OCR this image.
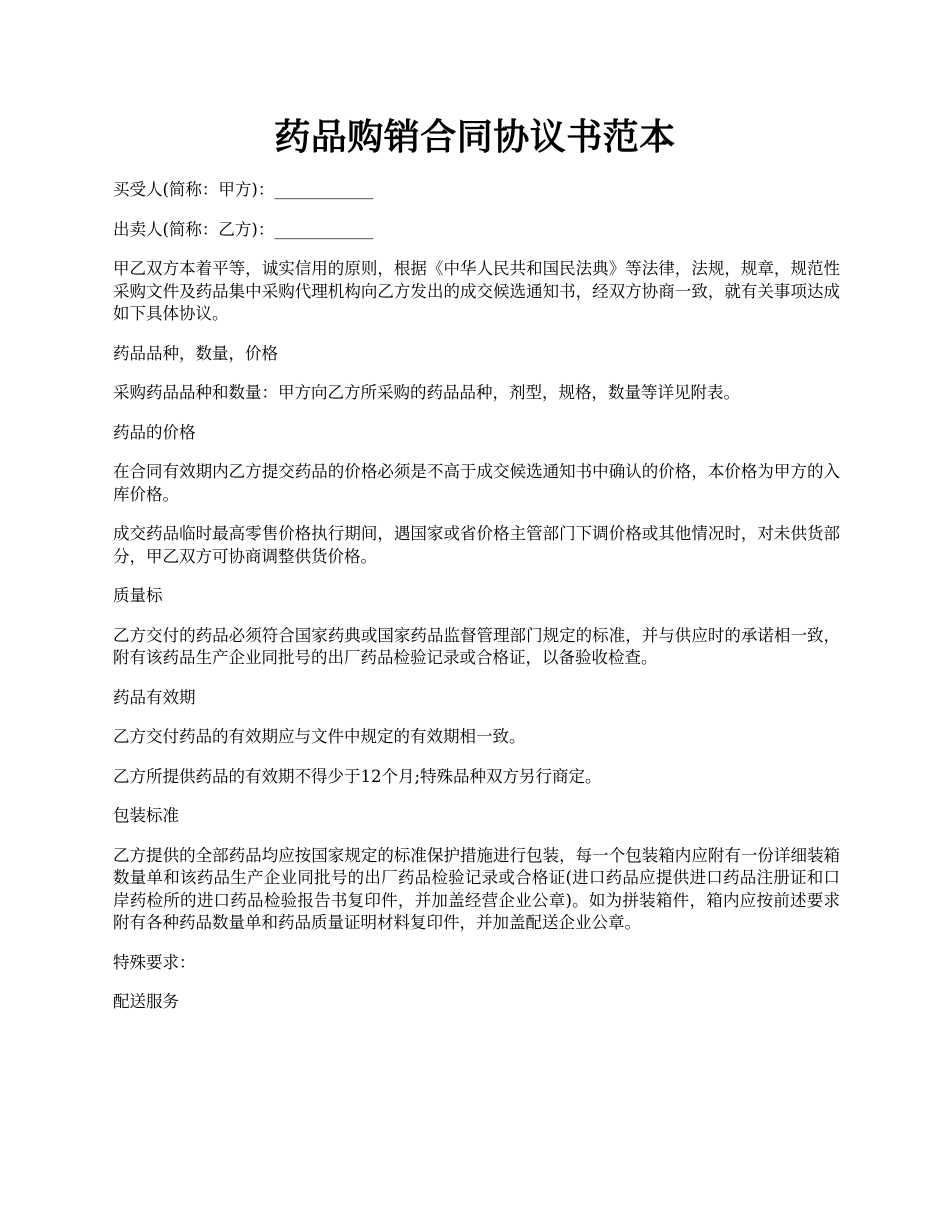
药品购销合同协议书范本

买受人(简称：甲方)：____________

出卖人(简称：乙方)：____________

甲乙双方本着平等，诚实信用的原则，根据《中华人民共和国民法典》等法律，法规，规章，规范性采购文件及药品集中采购代理机构向乙方发出的成交候选通知书，经双方协商一致，就有关事项达成如下具体协议。

药品品种，数量，价格

采购药品品种和数量：甲方向乙方所采购的药品品种，剂型，规格，数量等详见附表。

药品的价格

在合同有效期内乙方提交药品的价格必须是不高于成交候选通知书中确认的价格，本价格为甲方的入库价格。

成交药品临时最高零售价格执行期间，遇国家或省价格主管部门下调价格或其他情况时，对未供货部分，甲乙双方可协商调整供货价格。

质量标

乙方交付的药品必须符合国家药典或国家药品监督管理部门规定的标准，并与供应时的承诺相一致，附有该药品生产企业同批号的出厂药品检验记录或合格证，以备验收检查。

药品有效期

乙方交付药品的有效期应与文件中规定的有效期相一致。

乙方所提供药品的有效期不得少于12个月;特殊品种双方另行商定。

包装标准

乙方提供的全部药品均应按国家规定的标准保护措施进行包装，每一个包装箱内应附有一份详细装箱数量单和该药品生产企业同批号的出厂药品检验记录或合格证(进口药品应提供进口药品注册证和口岸药检所的进口药品检验报告书复印件，并加盖经营企业公章)。如为拼装箱件，箱内应按前述要求附有各种药品数量单和药品质量证明材料复印件，并加盖配送企业公章。

特殊要求：

配送服务
